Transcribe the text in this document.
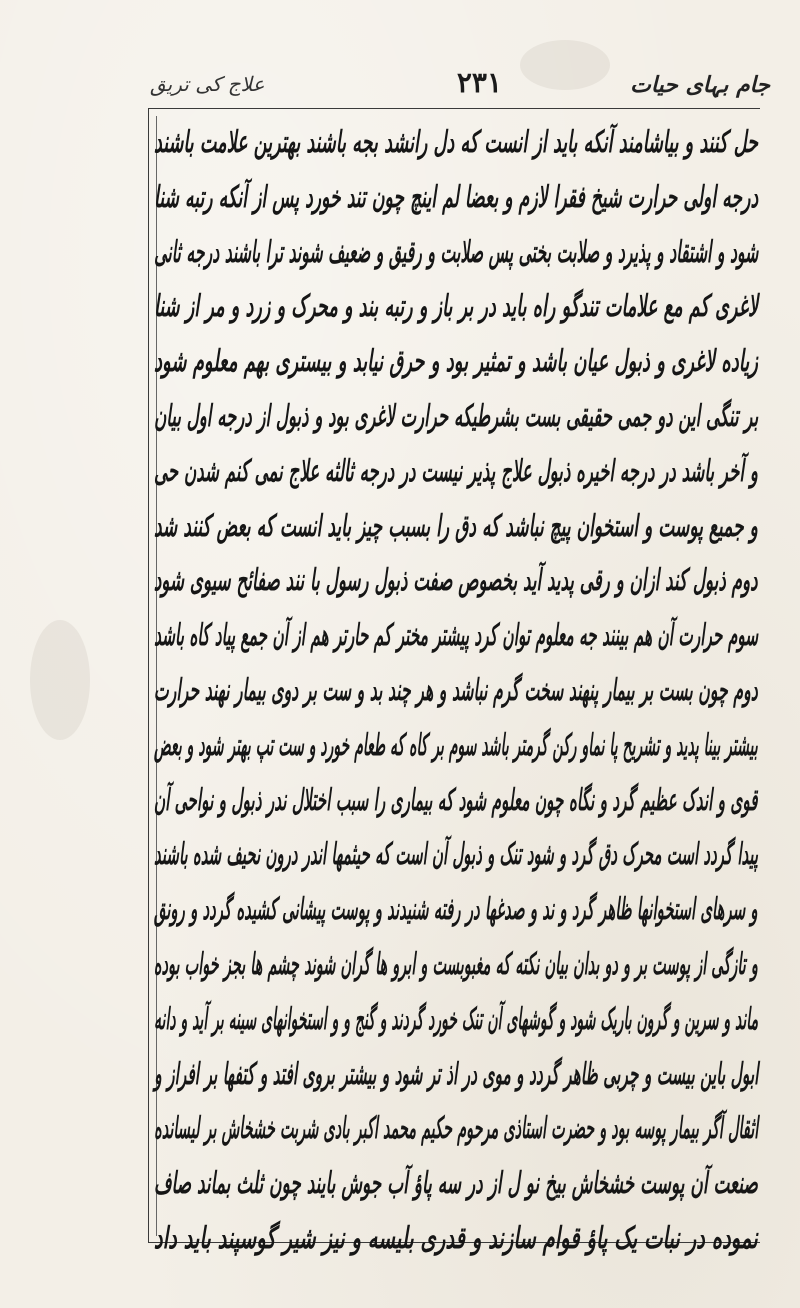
جام بہای حیات
۲۳۱
علاج کی تریق
حل کنند و بیاشامند آنکه باید از انست که دل رانشد بجه باشند بهترین علامت باشند
درجه اولی حرارت شیخ فقرا لازم و بعضا لم اینچ چون تند خورد پس از آنکه رتبه شنا
شود و اشتقاد و پذیرد و صلابت بختی پس صلابت و رقیق و ضعیف شوند ترا باشند درجه ثانی
لاغری کم مع علامات تندگو راه باید در بر باز و رتبه بند و محرک و زرد و مر از شنا
زیاده لاغری و ذبول عیان باشد و تمثیر بود و حرق نیابد و بیستری بهم معلوم شود
بر تنگی این دو جمی حقیقی بست بشرطیکه حرارت لاغری بود و ذبول از درجه اول بیان
و آخر باشد در درجه اخیره ذبول علاج پذیر نیست در درجه ثالثه علاج نمی کنم شدن حی
و جمیع پوست و استخوان پیچ نباشد که دق را بسبب چیز باید انست که بعض کنند شد
دوم ذبول کند ازان و رقی پدید آید بخصوص صفت ذبول رسول با نند صفائح سیوی شود
سوم حرارت آن هم بینند جه معلوم توان کرد پیشتر مختر کم حارتر هم از آن جمع پیاد کاه باشد
دوم چون بست بر بیمار پنهند سخت گرم نباشد و هر چند بد و ست بر دوی بیمار نهند حرارت
بیشتر بینا پدید و تشریح پا نماو رکن گرمتر باشد سوم بر کاه که طعام خورد و ست تپ بهتر شود و بعض
قوی و اندک عظیم گرد و نگاه چون معلوم شود که بیماری را سبب اختلال ندر ذبول و نواحی آن
پیدا گردد است محرک دق گرد و شود تنک و ذبول آن است که حیثمها اندر درون نحیف شده باشند
و سرهای استخوانها ظاهر گرد و ند و صدغها در رفته شنیدند و پوست پیشانی کشیده گردد و رونق
و تازگی از پوست بر و دو بدان بیان نکته که مغبوبست و ابرو ها گران شوند چشم ها بجز خواب بوده
ماند و سرین و گرون باریک شود و گوشهای آن تنک خورد گردند و گنج و و استخوانهای سینه بر آید و دانه
ابول باین بیست و چربی ظاهر گردد و موی در اذ تر شود و بیشتر بروی افتد و کتفها بر افراز و
اثقال آگر بیمار پوسه بود و حضرت استاذی مرحوم حکیم محمد اکبر بادی شربت خشخاش بر لیسانده
صنعت آن پوست خشخاش بیخ نو ل از در سه پاؤ آب جوش بایند چون ثلث بماند صاف
نموده در نبات یک پاؤ قوام سازند و قدری بلیسه و نیز شیر گوسپند باید داد
